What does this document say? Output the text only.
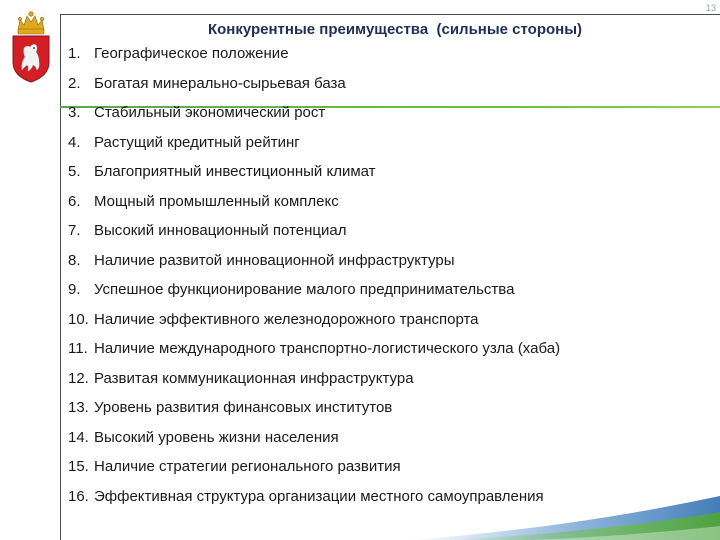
13
Конкурентные преимущества  (сильные стороны)
1. Географическое положение
2. Богатая минерально-сырьевая база
3. Стабильный экономический рост
4. Растущий кредитный рейтинг
5. Благоприятный инвестиционный климат
6. Мощный промышленный комплекс
7. Высокий инновационный потенциал
8. Наличие развитой инновационной инфраструктуры
9. Успешное функционирование малого предпринимательства
10. Наличие эффективного железнодорожного транспорта
11. Наличие международного транспортно-логистического узла (хаба)
12. Развитая коммуникационная инфраструктура
13. Уровень развития финансовых институтов
14. Высокий уровень жизни населения
15. Наличие стратегии регионального развития
16. Эффективная структура организации местного самоуправления
